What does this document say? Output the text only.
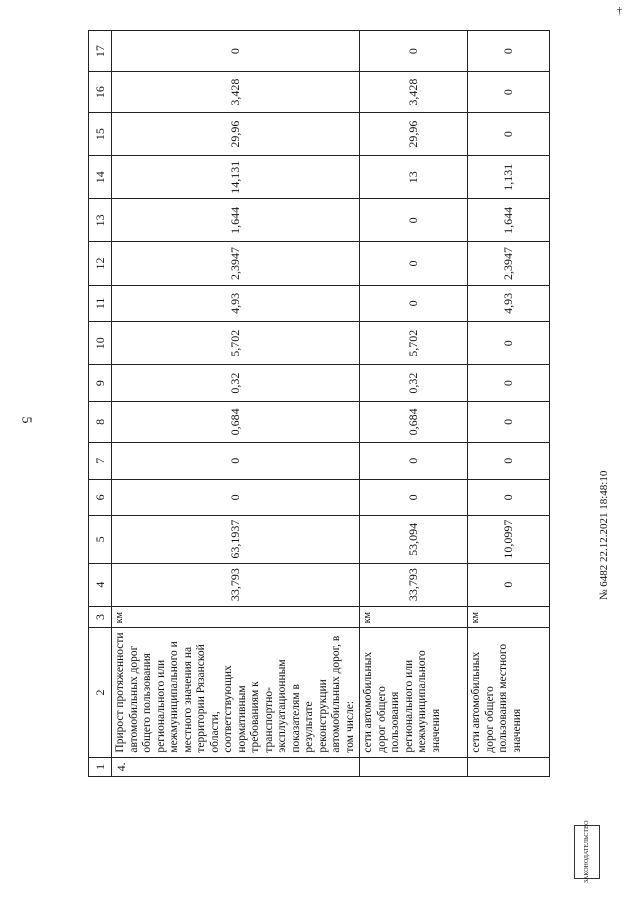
†
5
1	2	3	4	5	6	7	8	9	10	11	12	13	14	15	16	17
4.	Прирост протяженности автомобильных дорог общего пользования регионального или межмуниципального и местного значения на территории Рязанской области, соответствующих нормативным требованиям к транспортно-эксплуатационным показателям в результате реконструкции автомобильных дорог, в том числе:	км	33,793	63,1937	0	0	0,684	0,32	5,702	4,93	2,3947	1,644	14,131	29,96	3,428	0
	сети автомобильных дорог общего пользования регионального или межмуниципального значения	км	33,793	53,094	0	0	0,684	0,32	5,702	0	0	0	13	29,96	3,428	0
	сети автомобильных дорог общего пользования местного значения	км	0	10,0997	0	0	0	0	0	4,93	2,3947	1,644	1,131	0	0	0
ЗАКОНОДАТЕЛЬСТВО
№ 6482 22.12.2021 18:48:10
